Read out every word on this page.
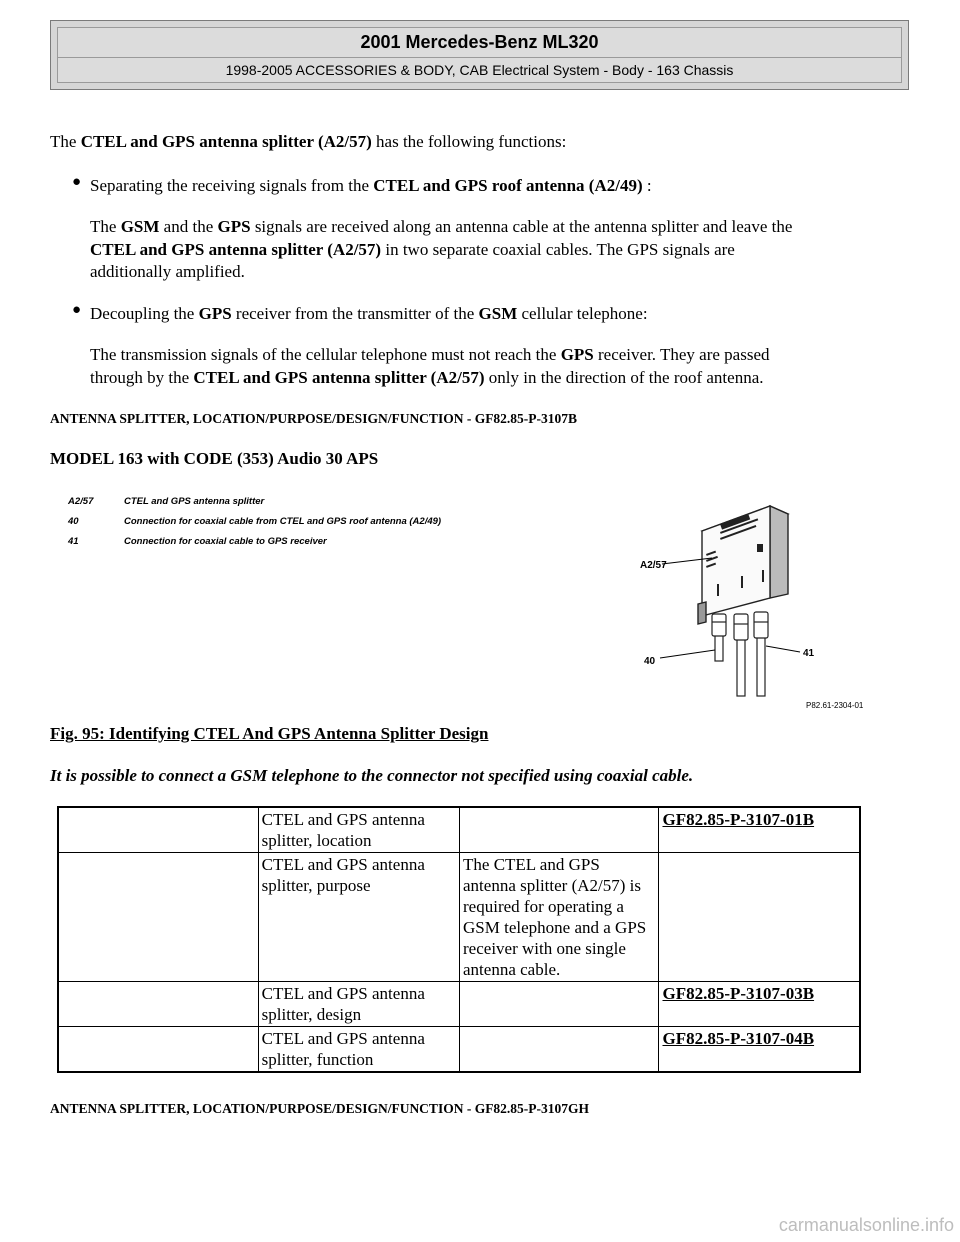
2001 Mercedes-Benz ML320
1998-2005 ACCESSORIES & BODY, CAB Electrical System - Body - 163 Chassis
The CTEL and GPS antenna splitter (A2/57) has the following functions:
● Separating the receiving signals from the CTEL and GPS roof antenna (A2/49) :
The GSM and the GPS signals are received along an antenna cable at the antenna splitter and leave the
CTEL and GPS antenna splitter (A2/57) in two separate coaxial cables. The GPS signals are
additionally amplified.
● Decoupling the GPS receiver from the transmitter of the GSM cellular telephone:
The transmission signals of the cellular telephone must not reach the GPS receiver. They are passed
through by the CTEL and GPS antenna splitter (A2/57) only in the direction of the roof antenna.
ANTENNA SPLITTER, LOCATION/PURPOSE/DESIGN/FUNCTION - GF82.85-P-3107B
MODEL 163 with CODE (353) Audio 30 APS
A2/57	CTEL and GPS antenna splitter
40	Connection for coaxial cable from CTEL and GPS roof antenna (A2/49)
41	Connection for coaxial cable to GPS receiver
A2/57
40
41
P82.61-2304-01
Fig. 95: Identifying CTEL And GPS Antenna Splitter Design
It is possible to connect a GSM telephone to the connector not specified using coaxial cable.
	CTEL and GPS antenna splitter, location		GF82.85-P-3107-01B
	CTEL and GPS antenna splitter, purpose	The CTEL and GPS antenna splitter (A2/57) is required for operating a GSM telephone and a GPS receiver with one single antenna cable.	
	CTEL and GPS antenna splitter, design		GF82.85-P-3107-03B
	CTEL and GPS antenna splitter, function		GF82.85-P-3107-04B
ANTENNA SPLITTER, LOCATION/PURPOSE/DESIGN/FUNCTION - GF82.85-P-3107GH
carmanualsonline.info
